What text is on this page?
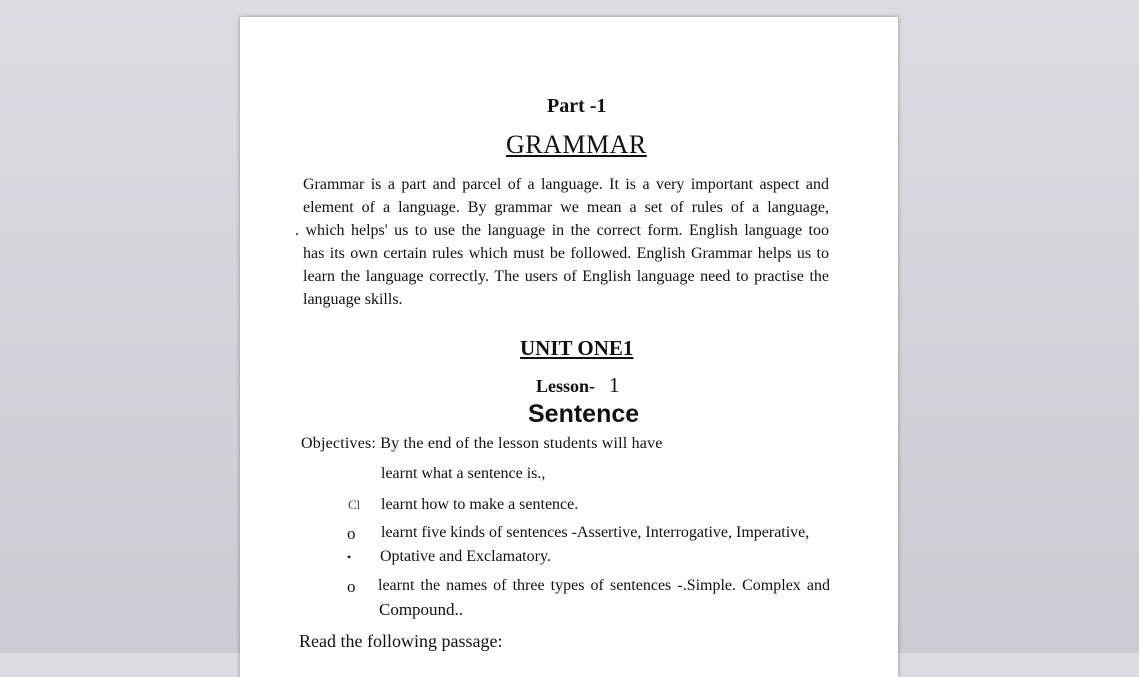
Part -1
GRAMMAR
Grammar is a part and parcel of a language. It is a very important aspect and
element of a language. By grammar we mean a set of rules of a language,
. which helps' us to use the language in the correct form. English language too
has its own certain rules which must be followed. English Grammar helps us to
learn the language correctly. The users of English language need to practise the
language skills.
UNIT ONE1
Lesson- 1
Sentence
Objectives: By the end of the lesson students will have
learnt what a sentence is.,
Cl learnt how to make a sentence.
o learnt five kinds of sentences -Assertive, Interrogative, Imperative,
• Optative and Exclamatory.
o learnt the names of three types of sentences -.Simple. Complex and
Compound..
Read the following passage:
